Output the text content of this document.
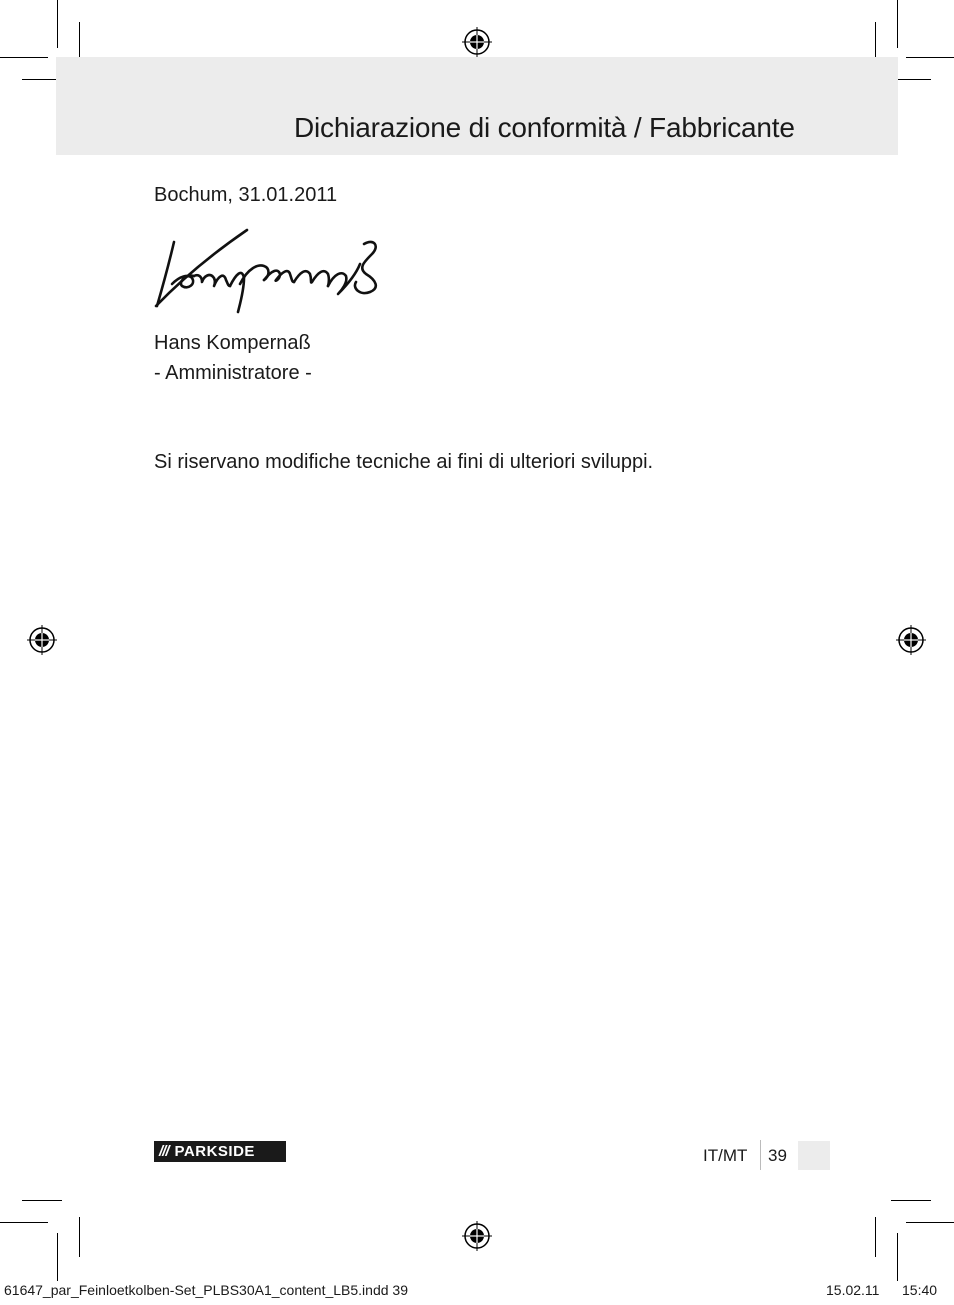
Dichiarazione di conformità / Fabbricante
Bochum, 31.01.2011
Hans Kompernaß
- Amministratore -
Si riservano modifiche tecniche ai fini di ulteriori sviluppi.
/// PARKSIDE	IT/MT 39
61647_par_Feinloetkolben-Set_PLBS30A1_content_LB5.indd 39	15.02.11 15:40
